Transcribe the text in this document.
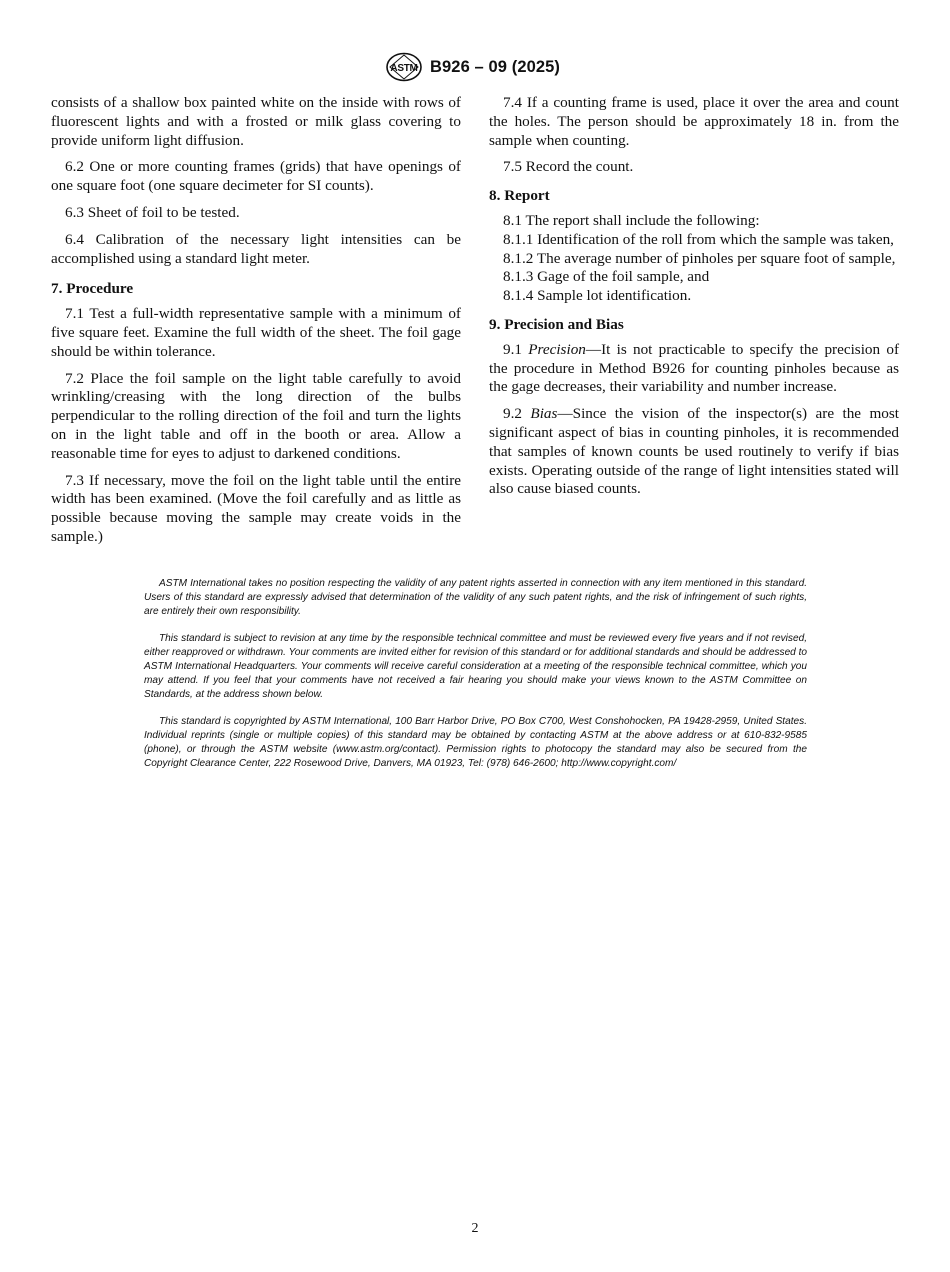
ASTM B926 – 09 (2025)

consists of a shallow box painted white on the inside with rows of fluorescent lights and with a frosted or milk glass covering to provide uniform light diffusion.

6.2 One or more counting frames (grids) that have openings of one square foot (one square decimeter for SI counts).

6.3 Sheet of foil to be tested.

6.4 Calibration of the necessary light intensities can be accomplished using a standard light meter.

7. Procedure

7.1 Test a full-width representative sample with a minimum of five square feet. Examine the full width of the sheet. The foil gage should be within tolerance.

7.2 Place the foil sample on the light table carefully to avoid wrinkling/creasing with the long direction of the bulbs perpendicular to the rolling direction of the foil and turn the lights on in the light table and off in the booth or area. Allow a reasonable time for eyes to adjust to darkened conditions.

7.3 If necessary, move the foil on the light table until the entire width has been examined. (Move the foil carefully and as little as possible because moving the sample may create voids in the sample.)

7.4 If a counting frame is used, place it over the area and count the holes. The person should be approximately 18 in. from the sample when counting.

7.5 Record the count.

8. Report

8.1 The report shall include the following:

8.1.1 Identification of the roll from which the sample was taken,

8.1.2 The average number of pinholes per square foot of sample,

8.1.3 Gage of the foil sample, and

8.1.4 Sample lot identification.

9. Precision and Bias

9.1 Precision—It is not practicable to specify the precision of the procedure in Method B926 for counting pinholes because as the gage decreases, their variability and number increase.

9.2 Bias—Since the vision of the inspector(s) are the most significant aspect of bias in counting pinholes, it is recommended that samples of known counts be used routinely to verify if bias exists. Operating outside of the range of light intensities stated will also cause biased counts.

ASTM International takes no position respecting the validity of any patent rights asserted in connection with any item mentioned in this standard. Users of this standard are expressly advised that determination of the validity of any such patent rights, and the risk of infringement of such rights, are entirely their own responsibility.

This standard is subject to revision at any time by the responsible technical committee and must be reviewed every five years and if not revised, either reapproved or withdrawn. Your comments are invited either for revision of this standard or for additional standards and should be addressed to ASTM International Headquarters. Your comments will receive careful consideration at a meeting of the responsible technical committee, which you may attend. If you feel that your comments have not received a fair hearing you should make your views known to the ASTM Committee on Standards, at the address shown below.

This standard is copyrighted by ASTM International, 100 Barr Harbor Drive, PO Box C700, West Conshohocken, PA 19428-2959, United States. Individual reprints (single or multiple copies) of this standard may be obtained by contacting ASTM at the above address or at 610-832-9585 (phone), or through the ASTM website (www.astm.org/contact). Permission rights to photocopy the standard may also be secured from the Copyright Clearance Center, 222 Rosewood Drive, Danvers, MA 01923, Tel: (978) 646-2600; http://www.copyright.com/

2
